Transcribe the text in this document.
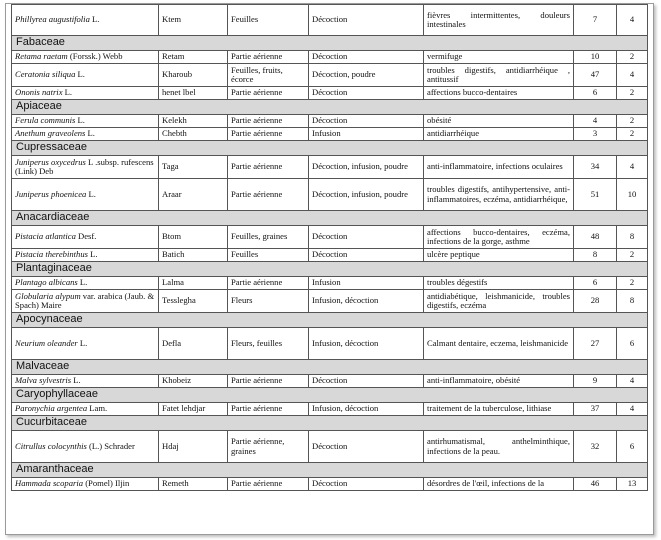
Phillyrea augustifolia L.	Ktem	Feuilles	Décoction	fièvres intermittentes, douleurs intestinales	7	4
Fabaceae						
Retama raetam (Forssk.) Webb	Retam	Partie aérienne	Décoction	vermifuge	10	2
Ceratonia siliqua L.	Kharoub	Feuilles, fruits, écorce	Décoction, poudre	troubles digestifs, antidiarrhéique , antitussif	47	4
Ononis natrix L.	henet lbel	Partie aérienne	Décoction	affections bucco-dentaires	6	2
Apiaceae						
Ferula communis L.	Kelekh	Partie aérienne	Décoction	obésité	4	2
Anethum graveolens L.	Chebth	Partie aérienne	Infusion	antidiarrhéique	3	2
Cupressaceae						
Juniperus oxycedrus L .subsp. rufescens (Link) Deb	Taga	Partie aérienne	Décoction, infusion, poudre	anti-inflammatoire, infections oculaires	34	4
Juniperus phoenicea L.	Araar	Partie aérienne	Décoction, infusion, poudre	troubles digestifs, antihypertensive, anti-inflammatoires, eczéma, antidiarrhéique,	51	10
Anacardiaceae						
Pistacia atlantica Desf.	Btom	Feuilles, graines	Décoction	affections bucco-dentaires, eczéma, infections de la gorge, asthme	48	8
Pistacia therebinthus L.	Batich	Feuilles	Décoction	ulcère peptique	8	2
Plantaginaceae						
Plantago albicans L.	Lalma	Partie aérienne	Infusion	troubles dégestifs	6	2
Globularia alypum var. arabica (Jaub. & Spach) Maire	Tesslegha	Fleurs	Infusion, décoction	antidiabétique, leishmanicide, troubles digestifs, eczéma	28	8
Apocynaceae						
Neurium oleander L.	Defla	Fleurs, feuilles	Infusion, décoction	Calmant dentaire, eczema, leishmanicide	27	6
Malvaceae						
Malva sylvestris L.	Khobeiz	Partie aérienne	Décoction	anti-inflammatoire, obésité	9	4
Caryophyllaceae						
Paronychia argentea Lam.	Fatet lehdjar	Partie aérienne	Infusion, décoction	traitement de la tuberculose, lithiase	37	4
Cucurbitaceae						
Citrullus colocynthis (L.) Schrader	Hdaj	Partie aérienne, graines	Décoction	antirhumatismal, anthelminthique, infections de la peau.	32	6
Amaranthaceae						
Hammada scoparia (Pomel) Iljin	Remeth	Partie aérienne	Décoction	désordres de l'œil, infections de la	46	13
